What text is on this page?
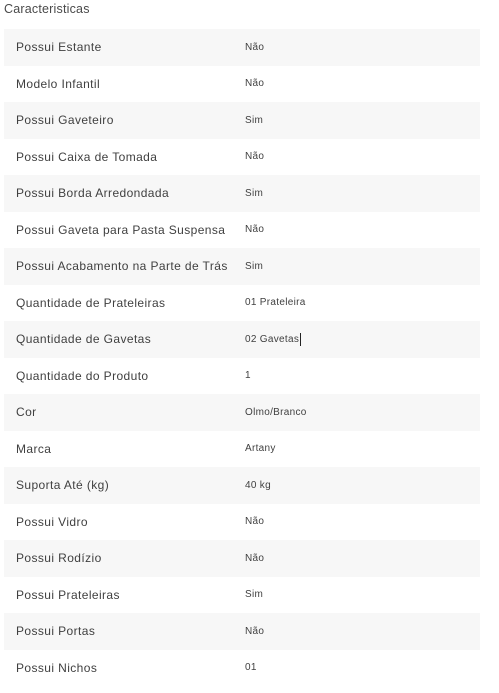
Caracteristicas
Possui Estante	Não
Modelo Infantil	Não
Possui Gaveteiro	Sim
Possui Caixa de Tomada	Não
Possui Borda Arredondada	Sim
Possui Gaveta para Pasta Suspensa	Não
Possui Acabamento na Parte de Trás	Sim
Quantidade de Prateleiras	01 Prateleira
Quantidade de Gavetas	02 Gavetas
Quantidade do Produto	1
Cor	Olmo/Branco
Marca	Artany
Suporta Até (kg)	40 kg
Possui Vidro	Não
Possui Rodízio	Não
Possui Prateleiras	Sim
Possui Portas	Não
Possui Nichos	01
